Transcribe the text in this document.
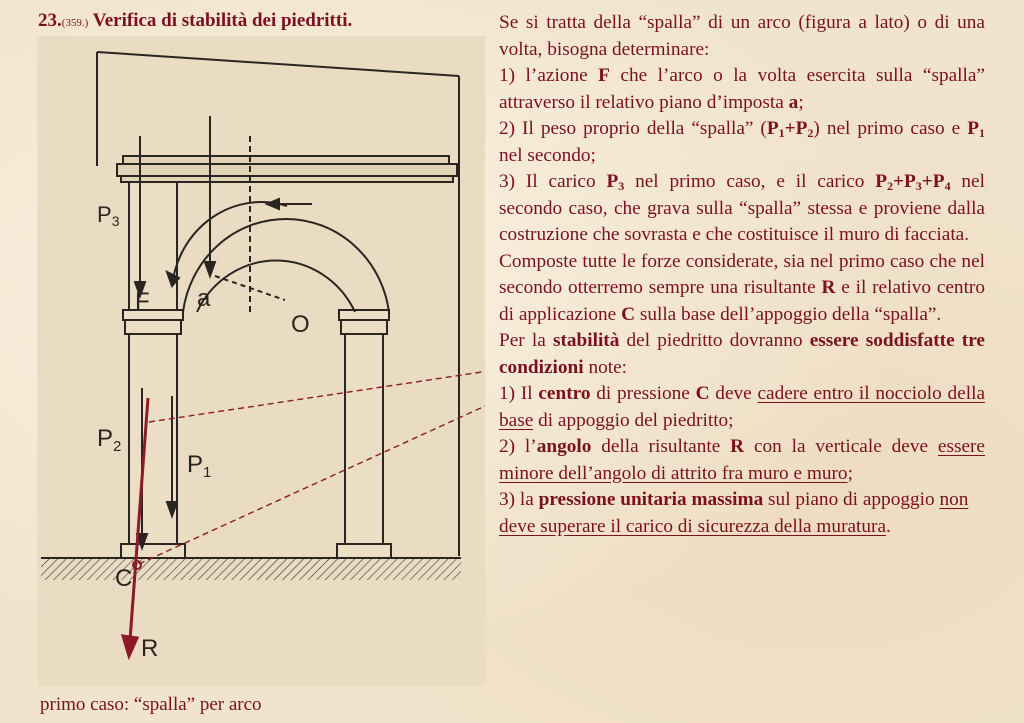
23.(359.) Verifica di stabilità dei piedritti.
P3
F a
O
$P_2$
$P_1$
C
R
primo caso: “spalla” per arco

Se si tratta della “spalla” di un arco (figura a lato) o di una volta, bisogna determinare:

1) l’azione F che l’arco o la volta esercita sulla “spalla” attraverso il relativo piano d’imposta a;

2) Il peso proprio della “spalla” $(P_1+P_2)$ nel primo caso e $P_1$ nel secondo;

3) Il carico $P_3$ nel primo caso, e il carico $P_2+P_3+P_4$ nel secondo caso, che grava sulla “spalla” stessa e proviene dalla costruzione che sovrasta e che costituisce il muro di facciata.

Composte tutte le forze considerate, sia nel primo caso che nel secondo otterremo sempre una risultante R e il relativo centro di applicazione C sulla base dell’appoggio della “spalla”.

Per la stabilità del piedritto dovranno essere soddisfatte tre condizioni note:

1) Il centro di pressione C deve cadere entro il nocciolo della base di appoggio del piedritto;

2) l’angolo della risultante R con la verticale deve essere minore dell’angolo di attrito fra muro e muro;

3) la pressione unitaria massima sul piano di appoggio non deve superare il carico di sicurezza della muratura.
